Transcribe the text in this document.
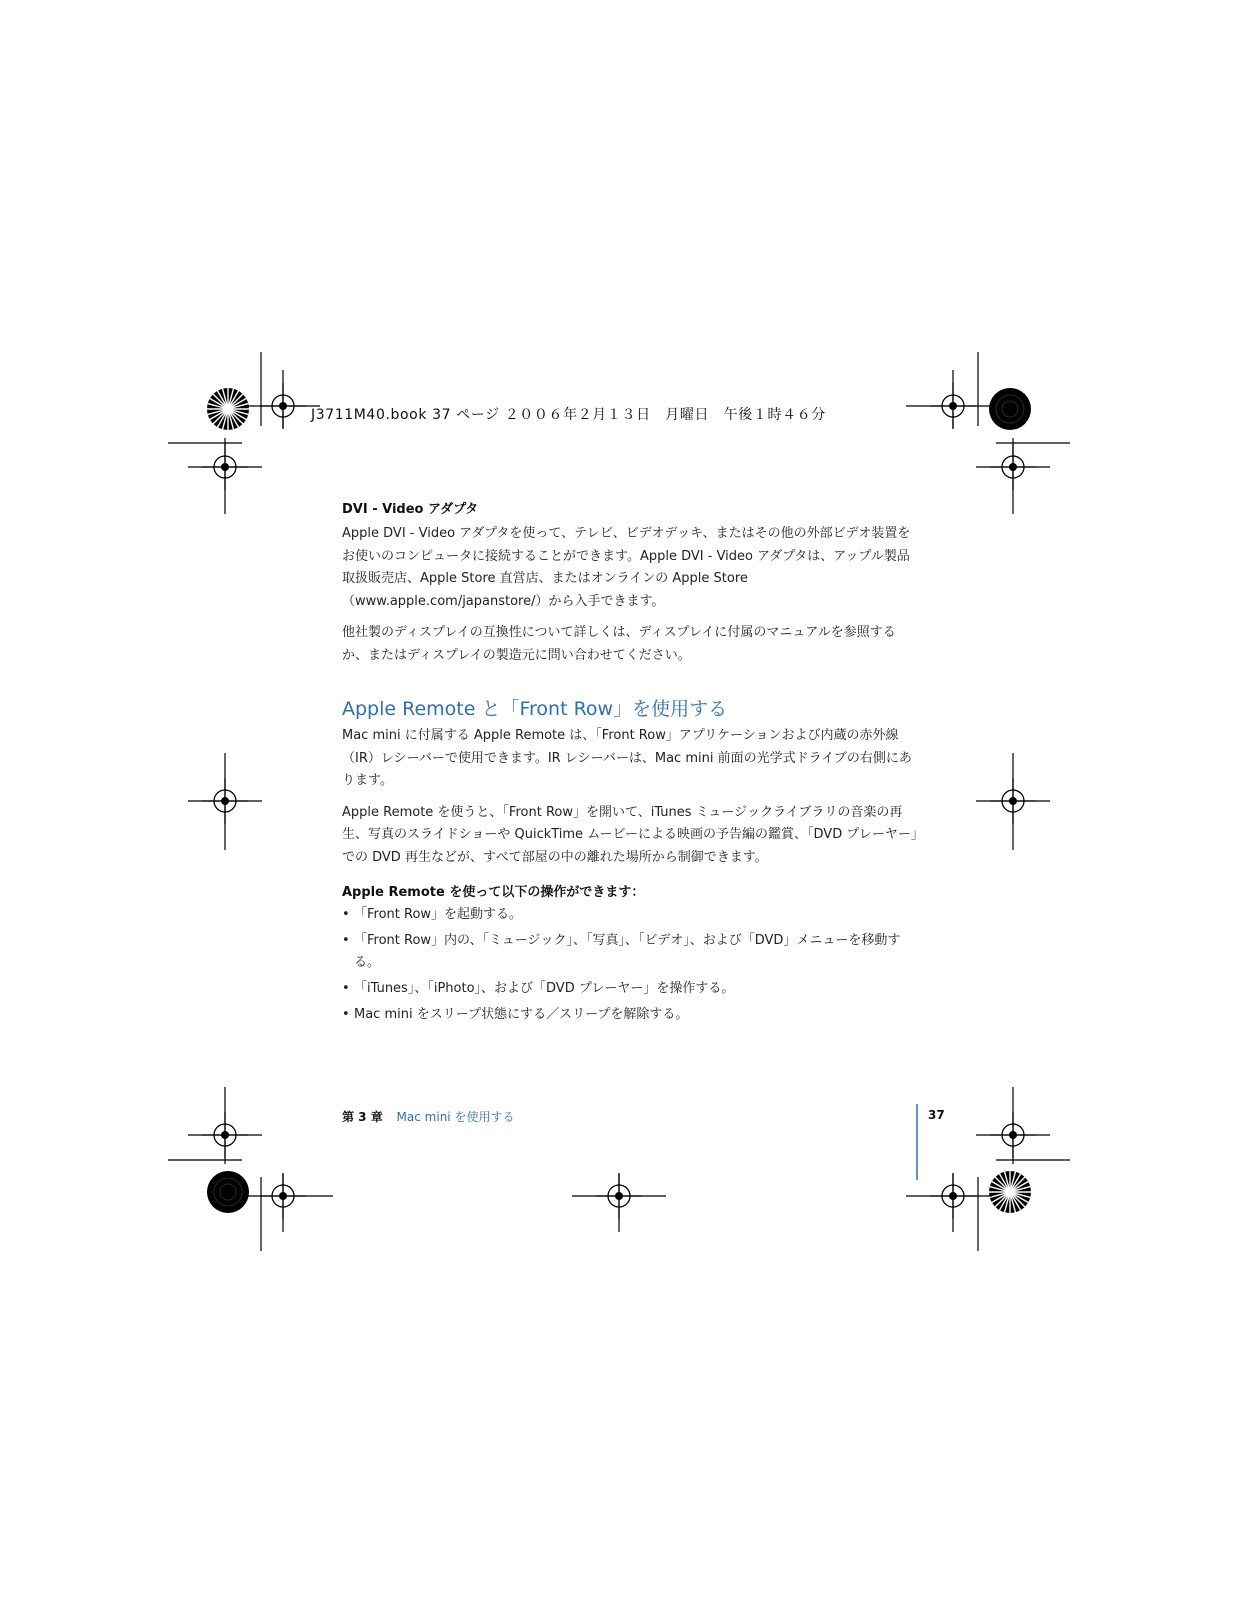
J3711M40.book 37 ページ ２００６年２月１３日　月曜日　午後１時４６分
DVI - Video アダプタ

Apple DVI - Video アダプタを使って、テレビ、ビデオデッキ、またはその他の外部ビデオ装置をお使いのコンピュータに接続することができます。Apple DVI - Video アダプタは、アップル製品取扱販売店、Apple Store 直営店、またはオンラインの Apple Store（www.apple.com/japanstore/）から入手できます。

他社製のディスプレイの互換性について詳しくは、ディスプレイに付属のマニュアルを参照するか、またはディスプレイの製造元に問い合わせてください。

Apple Remote と「Front Row」を使用する

Mac mini に付属する Apple Remote は、「Front Row」アプリケーションおよび内蔵の赤外線（IR）レシーバーで使用できます。IR レシーバーは、Mac mini 前面の光学式ドライブの右側にあります。

Apple Remote を使うと、「Front Row」を開いて、iTunes ミュージックライブラリの音楽の再生、写真のスライドショーや QuickTime ムービーによる映画の予告編の鑑賞、「DVD プレーヤー」での DVD 再生などが、すべて部屋の中の離れた場所から制御できます。

Apple Remote を使って以下の操作ができます：
• 「Front Row」を起動する。
• 「Front Row」内の、「ミュージック」、「写真」、「ビデオ」、および「DVD」メニューを移動する。
• 「iTunes」、「iPhoto」、および「DVD プレーヤー」を操作する。
• Mac mini をスリープ状態にする／スリープを解除する。
第 3 章 Mac mini を使用する	37
